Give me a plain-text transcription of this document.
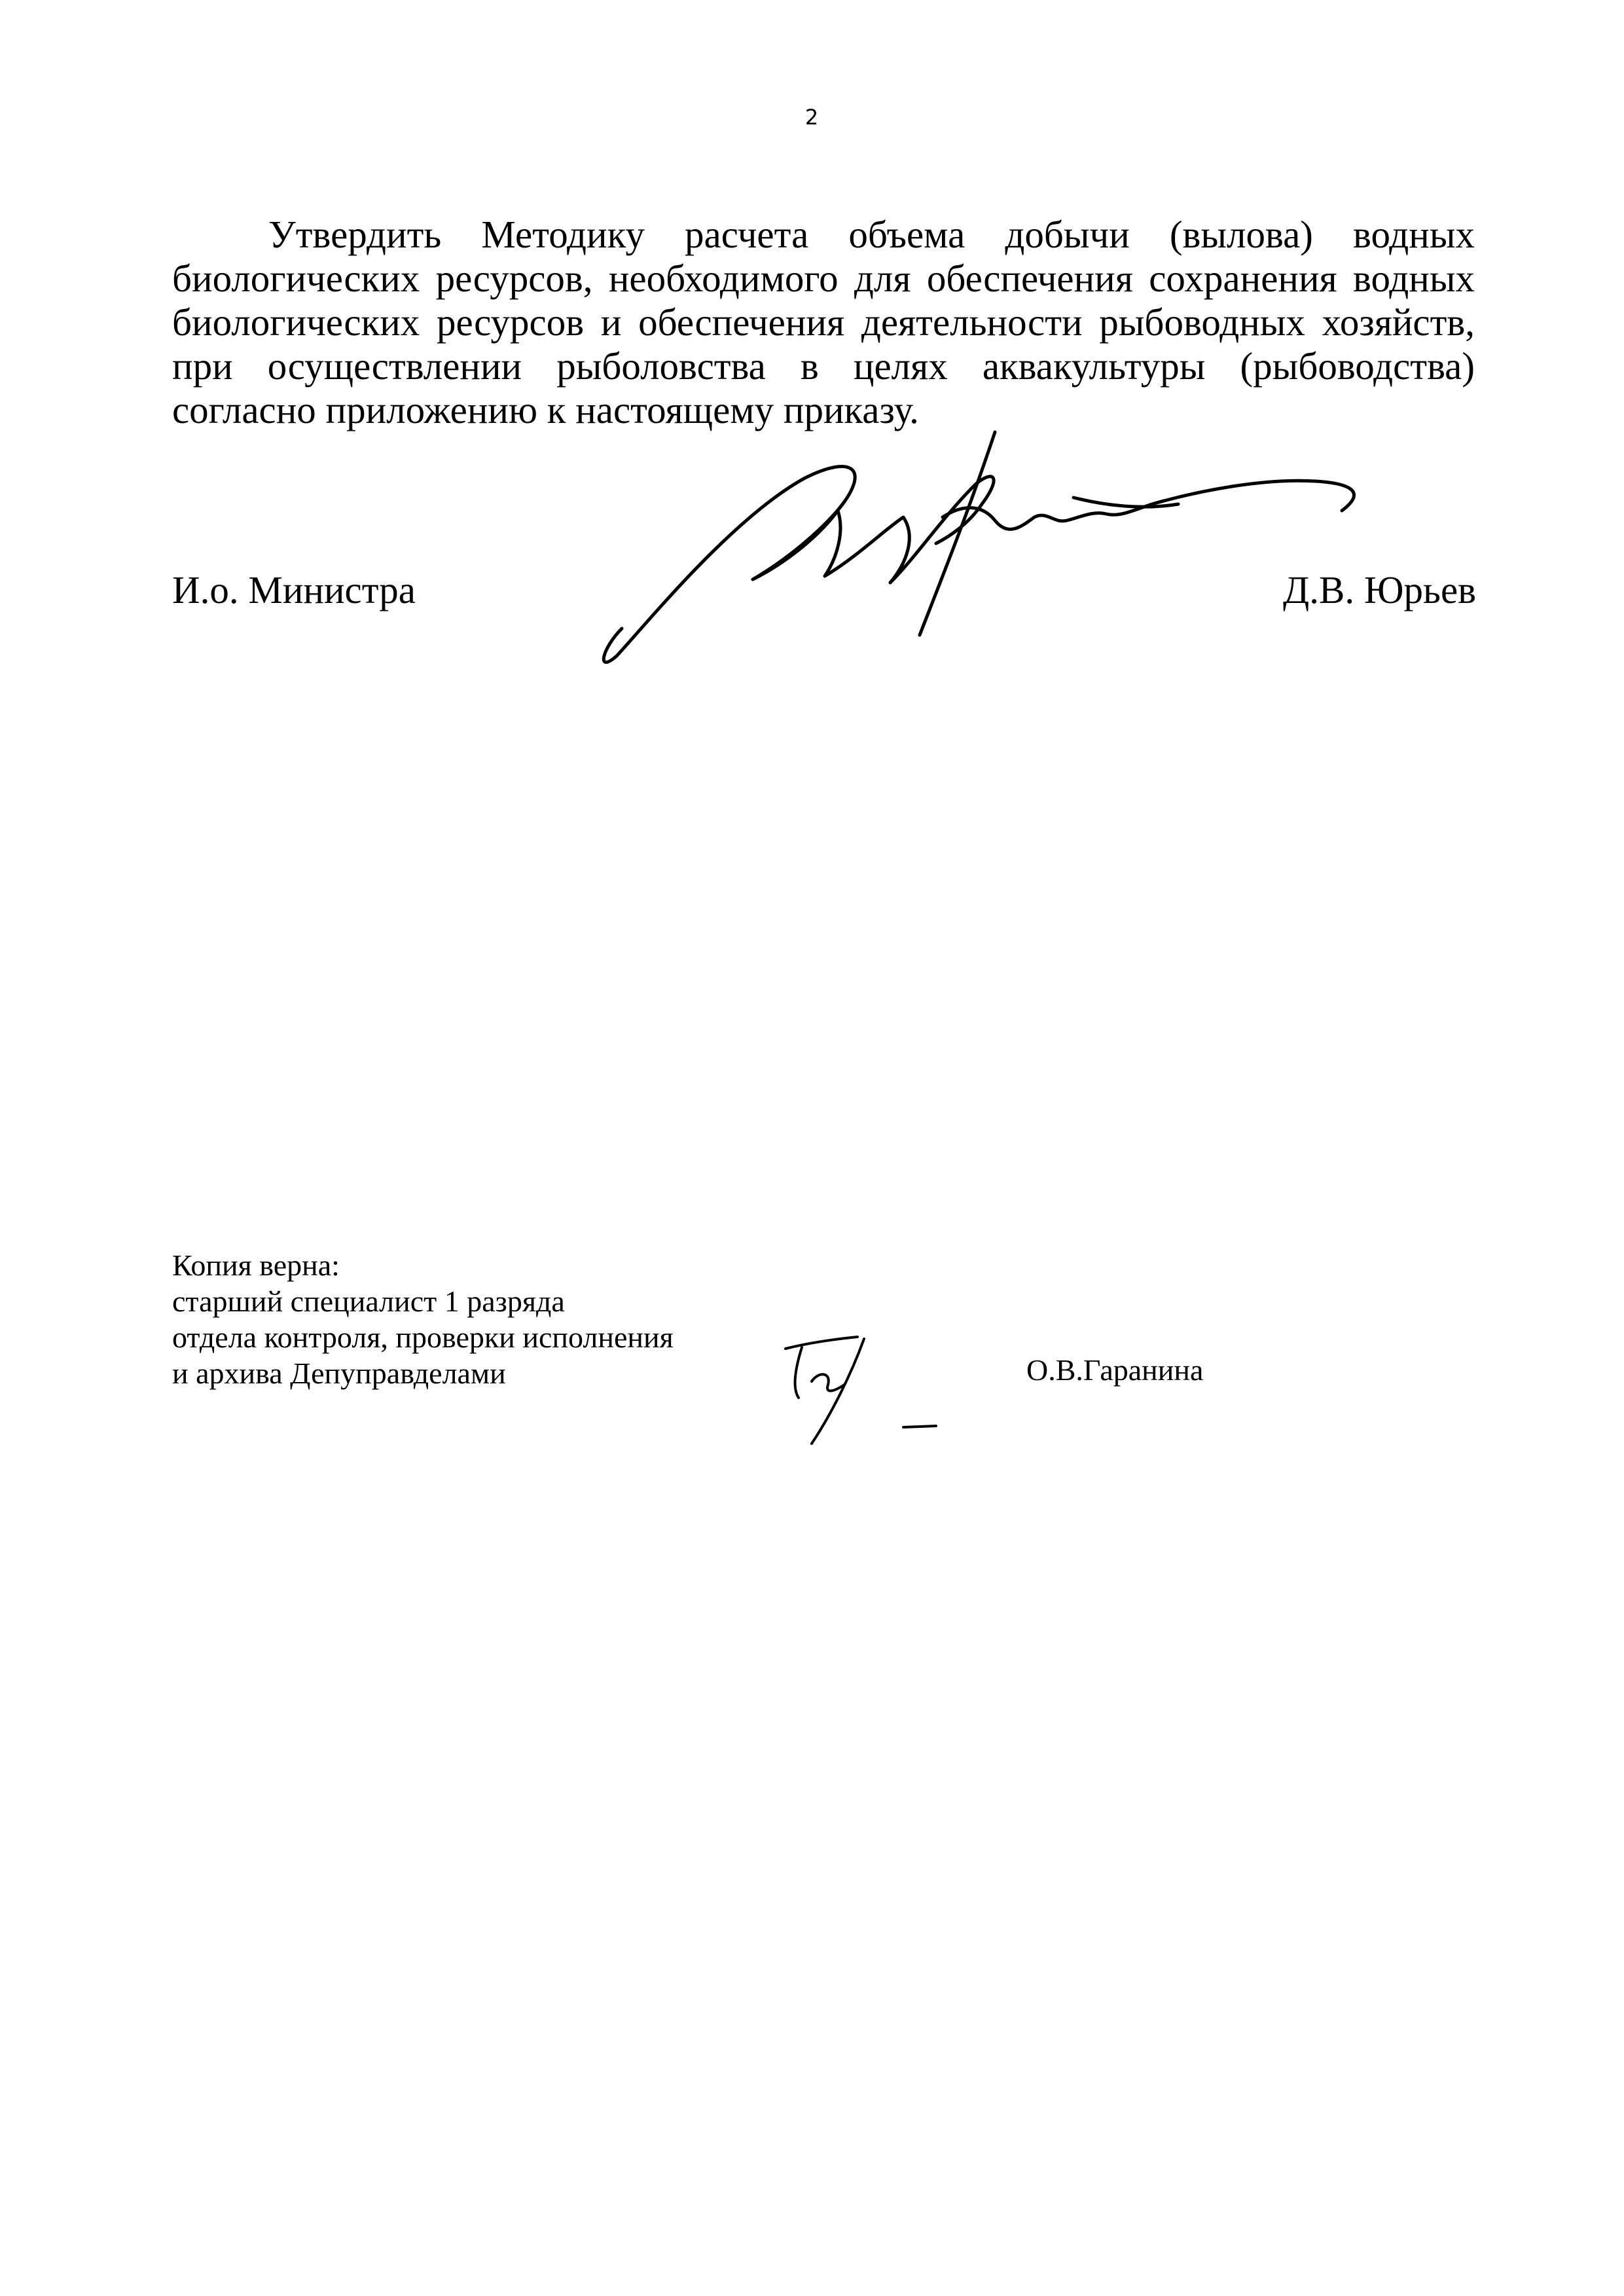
2

Утвердить Методику расчета объема добычи (вылова) водных биологических ресурсов, необходимого для обеспечения сохранения водных биологических ресурсов и обеспечения деятельности рыбоводных хозяйств, при осуществлении рыболовства в целях аквакультуры (рыбоводства) согласно приложению к настоящему приказу.

И.о. Министра	Д.В. Юрьев
Копия верна:
старший специалист 1 разряда
отдела контроля, проверки исполнения
и архива Депуправделами	О.В.Гаранина
